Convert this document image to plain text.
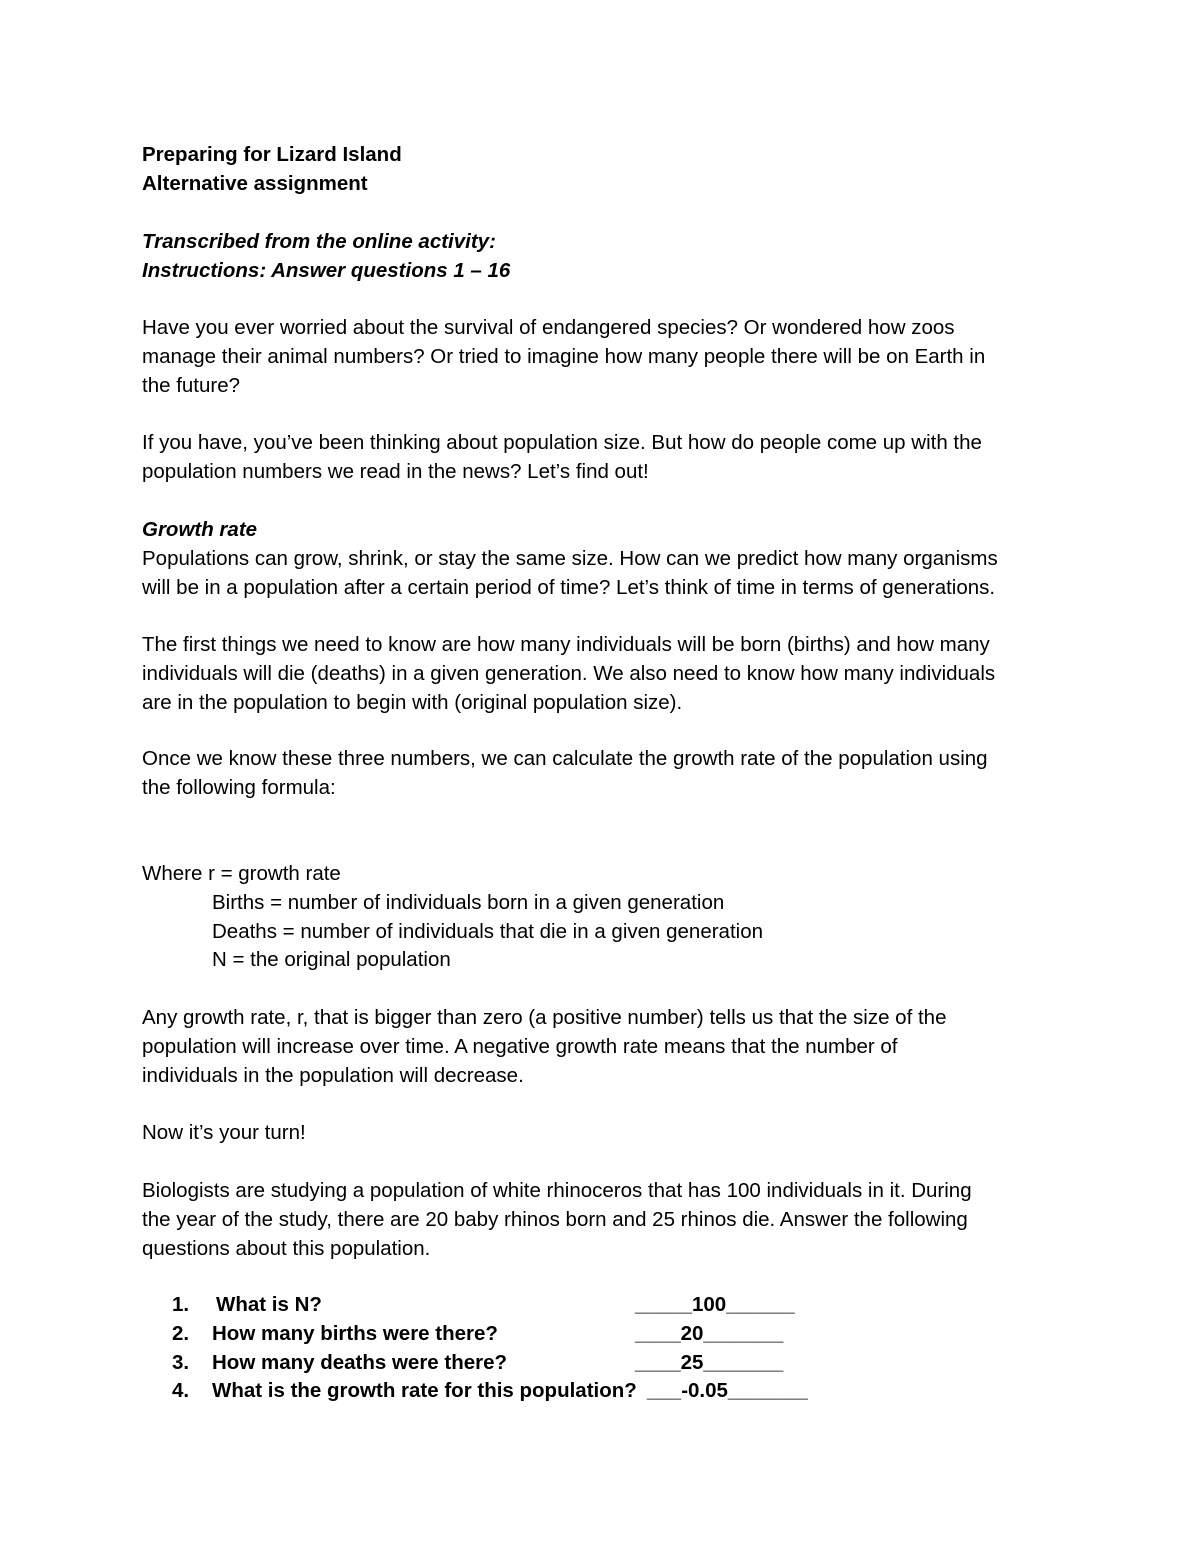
Preparing for Lizard Island
Alternative assignment
Transcribed from the online activity:
Instructions: Answer questions 1 – 16
Have you ever worried about the survival of endangered species? Or wondered how zoos
manage their animal numbers? Or tried to imagine how many people there will be on Earth in
the future?
If you have, you’ve been thinking about population size. But how do people come up with the
population numbers we read in the news? Let’s find out!
Growth rate
Populations can grow, shrink, or stay the same size. How can we predict how many organisms
will be in a population after a certain period of time? Let’s think of time in terms of generations.
The first things we need to know are how many individuals will be born (births) and how many
individuals will die (deaths) in a given generation. We also need to know how many individuals
are in the population to begin with (original population size).
Once we know these three numbers, we can calculate the growth rate of the population using
the following formula:
Where r = growth rate
Births = number of individuals born in a given generation
Deaths = number of individuals that die in a given generation
N = the original population
Any growth rate, r, that is bigger than zero (a positive number) tells us that the size of the
population will increase over time. A negative growth rate means that the number of
individuals in the population will decrease.
Now it’s your turn!
Biologists are studying a population of white rhinoceros that has 100 individuals in it. During
the year of the study, there are 20 baby rhinos born and 25 rhinos die. Answer the following
questions about this population.
1.	What is N?	_____100______
2.	How many births were there?	____20_______
3.	How many deaths were there?	____25_______
4.	What is the growth rate for this population? ___-0.05_______
